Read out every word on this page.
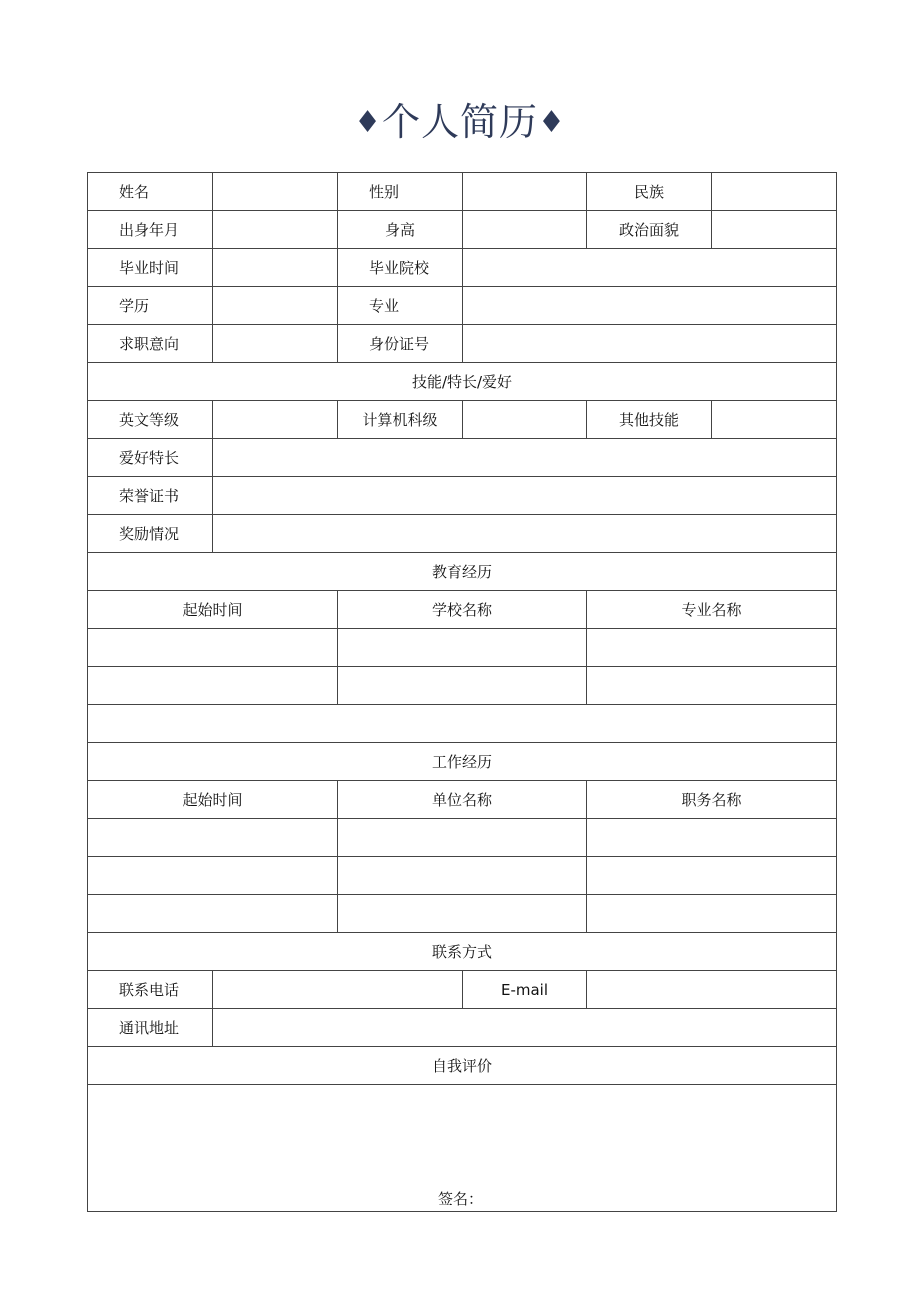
♦个人简历♦
姓名		性别		民族	
出身年月		身高		政治面貌	
毕业时间		毕业院校			
学历		专业			
求职意向		身份证号			
技能/特长/爱好					
英文等级		计算机科级		其他技能	
爱好特长					
荣誉证书					
奖励情况					
教育经历					
起始时间		学校名称		专业名称	

工作经历					
起始时间		单位名称		职务名称	

联系方式					
联系电话			E-mail		
通讯地址					
自我评价					

签名：					
